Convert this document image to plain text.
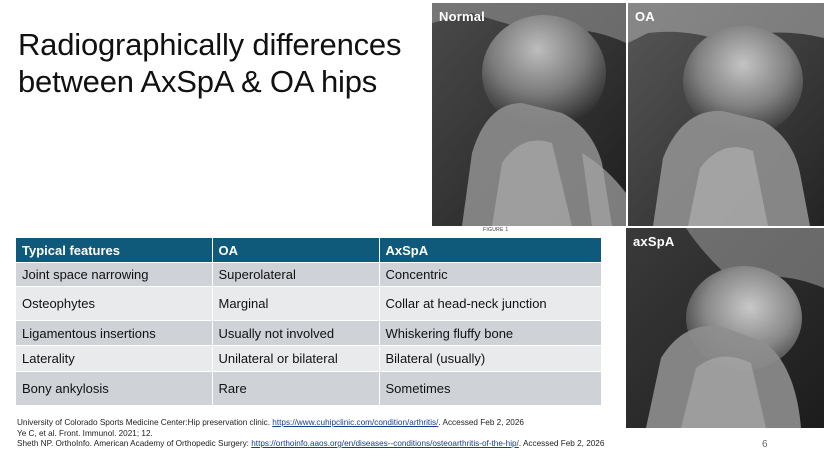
Radiographically differences
between AxSpA & OA hips
Normal
FIGURE 1
OA
axSpA
Typical features	OA	AxSpA
Joint space narrowing	Superolateral	Concentric
Osteophytes	Marginal	Collar at head-neck junction
Ligamentous insertions	Usually not involved	Whiskering fluffy bone
Laterality	Unilateral or bilateral	Bilateral (usually)
Bony ankylosis	Rare	Sometimes
University of Colorado Sports Medicine Center:Hip preservation clinic. https://www.cuhipclinic.com/condition/arthritis/. Accessed Feb 2, 2026
Ye C, et al. Front. Immunol. 2021; 12.
Sheth NP. OrthoInfo. American Academy of Orthopedic Surgery: https://orthoinfo.aaos.org/en/diseases--conditions/osteoarthritis-of-the-hip/. Accessed Feb 2, 2026	6
